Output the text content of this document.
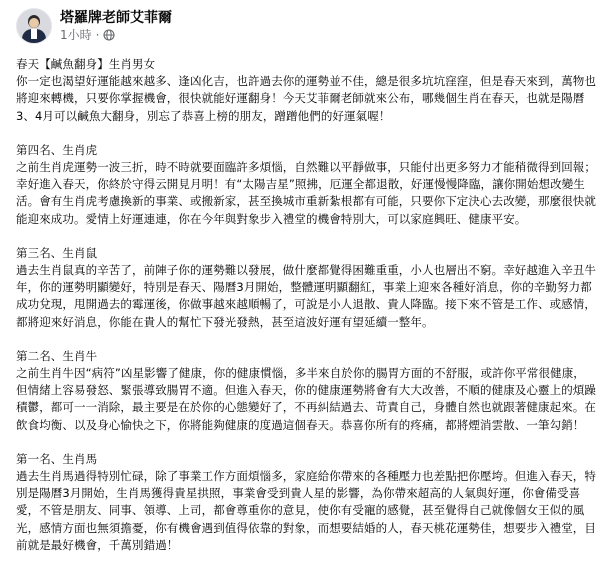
塔羅牌老師艾菲爾
1小時 ·

春天【鹹魚翻身】生肖男女

你一定也渴望好運能越來越多、逢凶化吉，也許過去你的運勢並不佳，總是很多坑坑窪窪，但是春天來到，萬物也將迎來轉機，只要你掌握機會，很快就能好運翻身！今天艾菲爾老師就來公布，哪幾個生肖在春天，也就是陽曆3、4月可以鹹魚大翻身，別忘了恭喜上榜的朋友，蹭蹭他們的好運氣喔！

第四名、生肖虎

之前生肖虎運勢一波三折，時不時就要面臨許多煩惱，自然難以平靜做事，只能付出更多努力才能稍微得到回報；幸好進入春天，你終於守得云開見月明！有“太陽吉星”照拂，厄運全都退散，好運慢慢降臨，讓你開始想改變生活。會有生肖虎考慮換新的事業、或搬新家，甚至換城市重新紮根都有可能，只要你下定決心去改變，那麼很快就能迎來成功。愛情上好運連連，你在今年與對象步入禮堂的機會特別大，可以家庭興旺、健康平安。

第三名、生肖鼠

過去生肖鼠真的辛苦了，前陣子你的運勢難以發展，做什麼都覺得困難重重，小人也層出不窮。幸好越進入辛丑牛年，你的運勢明顯變好，特別是春天、陽曆3月開始，整體運明顯翻紅，事業上迎來各種好消息，你的辛勤努力都成功兌現，甩開過去的霉運後，你做事越來越順暢了，可說是小人退散、貴人降臨。接下來不管是工作、或感情，都將迎來好消息，你能在貴人的幫忙下發光發熱，甚至這波好運有望延續一整年。

第二名、生肖牛

之前生肖牛因“病符”凶星影響了健康，你的健康慣惱，多半來自於你的腸胃方面的不舒服，或許你平常很健康，但情緒上容易發怒、緊張導致腸胃不適。但進入春天，你的健康運勢將會有大大改善，不順的健康及心靈上的煩躁積鬱，都可一一消除，最主要是在於你的心態變好了，不再糾結過去、苛責自己，身體自然也就跟著健康起來。在飲食均衡、以及身心愉快之下，你將能夠健康的度過這個春天。恭喜你所有的疼痛，都將煙消雲散、一筆勾銷！

第一名、生肖馬

過去生肖馬過得特別忙碌，除了事業工作方面煩惱多，家庭給你帶來的各種壓力也差點把你壓垮。但進入春天，特別是陽曆3月開始，生肖馬獲得貴星拱照，事業會受到貴人星的影響，為你帶來超高的人氣與好運，你會備受喜愛，不管是朋友、同事、領導、上司，都會尊重你的意見，使你有受寵的感覺，甚至覺得自己就像個女王似的風光，感情方面也無須擔憂，你有機會遇到值得依靠的對象，而想要結婚的人，春天桃花運勢佳，想要步入禮堂，目前就是最好機會，千萬別錯過！
